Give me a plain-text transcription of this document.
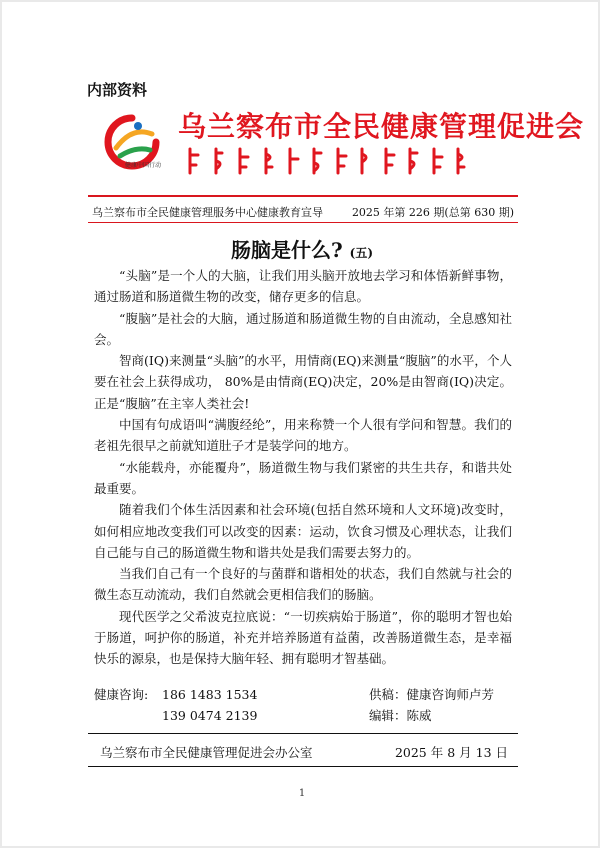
内部资料
健康中国行动
乌兰察布市全民健康管理促进会
乌兰察布市全民健康管理服务中心健康教育宣导	2025 年第 226 期(总第 630 期)
肠脑是什么? (五)

“头脑”是一个人的大脑，让我们用头脑开放地去学习和体悟新鲜事物，通过肠道和肠道微生物的改变，储存更多的信息。

“腹脑”是社会的大脑，通过肠道和肠道微生物的自由流动，全息感知社会。

智商(IQ)来测量“头脑”的水平，用情商(EQ)来测量“腹脑”的水平，个人要在社会上获得成功， 80%是由情商(EQ)决定，20%是由智商(IQ)决定。正是“腹脑”在主宰人类社会!

中国有句成语叫“满腹经纶”，用来称赞一个人很有学问和智慧。我们的老祖先很早之前就知道肚子才是装学问的地方。

“水能载舟，亦能覆舟”，肠道微生物与我们紧密的共生共存，和谐共处最重要。

随着我们个体生活因素和社会环境(包括自然环境和人文环境)改变时，如何相应地改变我们可以改变的因素：运动，饮食习惯及心理状态，让我们自己能与自己的肠道微生物和谐共处是我们需要去努力的。

当我们自己有一个良好的与菌群和谐相处的状态，我们自然就与社会的微生态互动流动，我们自然就会更相信我们的肠脑。

现代医学之父希波克拉底说：“一切疾病始于肠道”，你的聪明才智也始于肠道，呵护你的肠道，补充并培养肠道有益菌，改善肠道微生态，是幸福快乐的源泉，也是保持大脑年轻、拥有聪明才智基础。

健康咨询: 186 1483 1534	供稿：健康咨询师卢芳
139 0474 2139	编辑：陈威
乌兰察布市全民健康管理促进会办公室	2025 年 8 月 13 日
1
